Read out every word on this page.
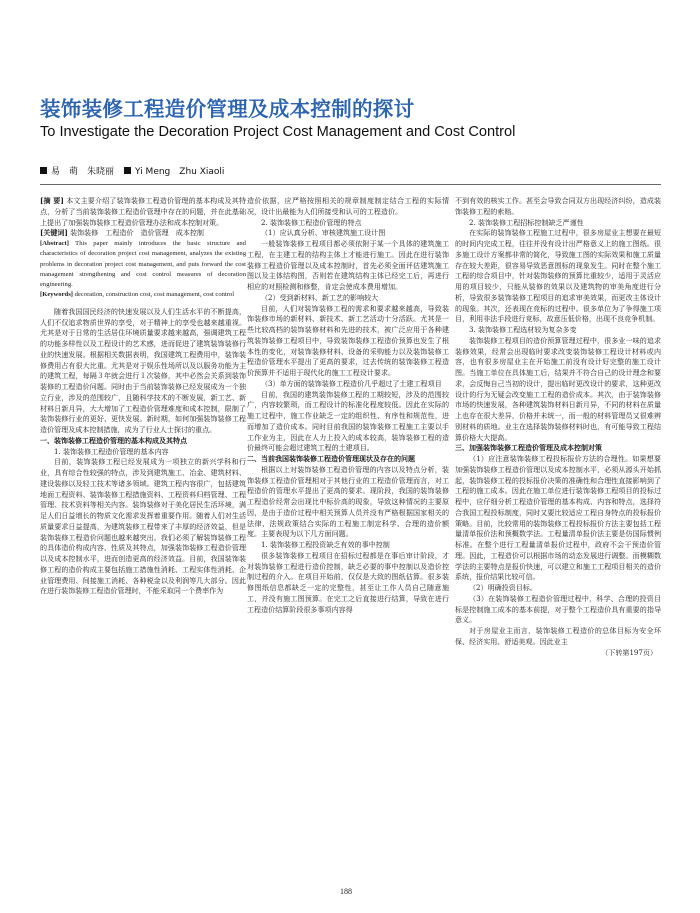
装饰装修工程造价管理及成本控制的探讨
To Investigate the Decoration Project Cost Management and Cost Control
易　萌　朱晓丽 Yi Meng　Zhu Xiaoli

[摘 要] 本文主要介绍了装饰装修工程造价管理的基本构成及其特点，分析了当前装饰装修工程造价管理中存在的问题，并在此基础上提出了加强装饰装修工程造价管理办法和成本控制对策。

[关键词] 装饰装修　工程造价　造价管理　成本控制

[Abstract] This paper mainly introduces the basic structure and characteristics of decoration project cost management, analyzes the existing problems in decoration project cost management, and puts forward the cost management strengthening and cost control measures of decoration engineering.

[Keywords] decoration, construction cost, cost management, cost control

随着我国国民经济的快速发展以及人们生活水平的不断提高，人们不仅追求物质世界的享受，对于精神上的享受也越来越重视。尤其是对于日常的生活居住环境质量要求越来越高，强调建筑工程的功能多样性以及工程设计的艺术感，进而促进了建筑装饰装修行业的快速发展。根据相关数据表明，我国建筑工程费用中，装饰装修费用占有很大比重。尤其是对于娱乐性场所以及以服务功能为主的建筑工程，每隔３年就会进行１次装修，其中必然会关系到装饰装修的工程造价问题。同时由于当前装饰装修已经发展成为一个独立行业，涉及的范围较广，且随科学技术的不断发展，新工艺、新材料日新月异，大大增加了工程造价管理难度和成本控制，限制了装饰装修行业的更好、更快发展。新时期，如何加强装饰装修工程造价管理及成本控制措施，成为了行业人士探讨的重点。

一、装饰装修工程造价管理的基本构成及其特点

1. 装饰装修工程造价管理的基本内容

目前，装饰装修工程已经发展成为一项独立的新兴学科和行业，具有综合性较强的特点，涉及到建筑施工、冶金、建筑材料、建设装修以及轻工技术等诸多领域。建筑工程内容很广，包括建筑地面工程资料、装饰装修工程措施资料、工程资料归档管理、工程管理、技术资料等相关内容。装饰装修对于美化居民生活环境，满足人们日益增长的物质文化需求发挥着重要作用。随着人们对生活质量要求日益提高，为建筑装修工程带来了丰厚的经济效益，但是装饰装修工程造价问题也越来越突出。我们必须了解装饰装修工程的具体造价构成内容、性质及其特点，加强装饰装修工程造价管理以及成本控制水平，进而创造更高的经济效益。目前，我国装饰装修工程的造价构成主要包括施工措施性消耗、工程实体性消耗、企业管理费用、间接施工消耗、各种税金以及利润等几大部分。因此在进行装饰装修工程造价管理时，不能采取同一个费率作为

造价依据，应严格按照相关的规章制度制定结合工程的实际情况，设计出最能为人们所接受和认可的工程造价。

2. 装饰装修工程造价管理的特点

（1）应认真分析、审核建筑施工设计图

一般装饰装修工程项目都必须依附于某一个具体的建筑施工工程，在主建工程的结构主体上才能进行施工。因此在进行装饰装修工程造价管理以及成本控制时，首先必须全面评估建筑施工图以及主体结构图，否则若在建筑结构主体已经完工后，再进行相应的对照检测和修整，肯定会使成本费用增加。

（2）受到新材料、新工艺的影响较大

目前，人们对装饰装修工程的需求和要求越来越高，导致装饰装修市场的新材料、新技术、新工艺活动十分活跃。尤其是一些比较高档的装饰装修材料和先进的技术，被广泛应用于各种建筑装饰装修工程项目中，导致装饰装修工程造价预算也发生了根本性的变化，对装饰装修材料、设备的采购能力以及装饰装修工程造价管理水平提出了更高的要求，过去传统的装饰装修工程造价预算并不适用于现代化的施工工程设计要求。

（3）单方面的装饰装修工程造价几乎超过了土建工程项目

目前，我国的建筑装饰装修工程的工期较短，涉及的范围较广，内容较繁琐，而工程设计的标准化程度较低。因此在实际的施工过程中，施工作业缺乏一定的组织性、有序性和规范性，进而增加了造价成本。同时目前我国的装饰装修工程施工主要以手工作业为主，因此在人力上投入的成本较高，装饰装修工程的造价最终可能会超过建筑工程的土建项目。

二、当前我国装饰装修工程造价管理现状及存在的问题

根据以上对装饰装修工程造价管理的内容以及特点分析，装饰装修工程造价管理相对于其他行业的工程造价管理而言，对工程造价的管理水平提出了更高的要求。现阶段，我国的装饰装修工程造价经常会出现比中标价高的现象，导致这种情况的主要原因，是由于造价过程中相关预算人员并没有严格根据国家相关的法律、法规政策结合实际的工程施工制定科学、合理的造价额度。主要表现为以下几方面问题。

1. 装饰装修工程投资缺乏有效的事中控制

很多装饰装修工程项目在招标过程都是在事后审计阶段，才对装饰装修工程进行造价控制，缺乏必要的事中控制以及造价控制过程的介入。在项目开始前，仅仅是大致的图纸估算。很多装修图纸信息都缺乏一定的完整性，甚至让工作人员自己随意施工，并没有施工图预算。在完工之后直接进行结算，导致在进行工程造价结算阶段很多事项内容得

不到有效的核实工作。甚至会导致合同双方出现经济纠纷，造成装饰装修工程的索赔。

2. 装饰装修工程招标控制缺乏严谨性

在实际的装饰装修工程施工过程中，很多房屋业主想要在最短的时间内完成工程，往往并没有设计出严格意义上的施工图纸。很多施工设计方案都非常的简化，导致施工图的实际效果和施工质量存在较大差距，很容易导致恶意围标的现象发生。同时在整个施工工程的综合项目中，针对装饰装修的预算比重较少，适用于灵活应用的项目较少，只能从装修的效果以及建筑物的审美角度进行分析，导致很多装饰装修工程项目的追求审美效果，而更改主体设计的现象。其次，还表现在竞标的过程中。很多单位为了争得施工项目，利用非法手段进行竞标，故意压低价格，出现不良竞争机制。

3. 装饰装修工程选材较为复杂多变

装饰装修工程项目的造价预算管理过程中，很多业一味的追求装修效果，经常会出现临时要求改变装饰装修工程设计材料或内容，也有很多房屋业主在开始施工前没有设计好完整的施工设计图。当施工单位在具体施工后，结果并不符合自己的设计理念和要求，会反悔自己当初的设计，提出临时更改设计的要求，这种更改设计的行为无疑会改变施工工程的造价成本。其次，由于装饰装修市场的快速发展，各种建筑装饰材料日新月异，不同的材料在质量上也存在很大差异，价格并未统一，而一般的材料管理员又很难辨别材料的质地。业主在选择装饰装修材料时也，有可能导致工程结算价格大大提高。

三、加强装饰装修工程造价管理及成本控制对策

（1）应注意装饰装修工程投标报价方法的合理性。如果想要加强装饰装修工程造价管理以及成本控制水平，必须从源头开始抓起，装饰装修工程的投标报价决策的准确性和合理性直接影响到了工程的施工成本。因此在施工单位进行装饰装修工程项目的投标过程中，应仔细分析工程造价管理的基本构成、内容和特点，选择符合我国工程投标制度，同时又要比较适应工程自身特点的投标报价策略。目前，比较常用的装饰装修工程投标报价方法主要包括工程量清单报价法和预概数学法。工程量清单报价法主要是仿国际惯例标准。在整个进行工程量清单报价过程中，政府不会干预造价管理。因此，工程造价可以根据市场的动态发展进行调整。而模糊数学法的主要特点是报价快速，可以建立和施工工程项目相关的造价系统，报价结果比较可信。

（2）明确投资目标。

（3）在装饰装修工程造价管理过程中，科学、合理的投资目标是控制施工成本的基本前提，对于整个工程造价具有重要的指导意义。

对于房屋业主而言，装饰装修工程造价的总体目标为安全环保、经济实用、舒适美观。因此业主

（下转第197页）

188
